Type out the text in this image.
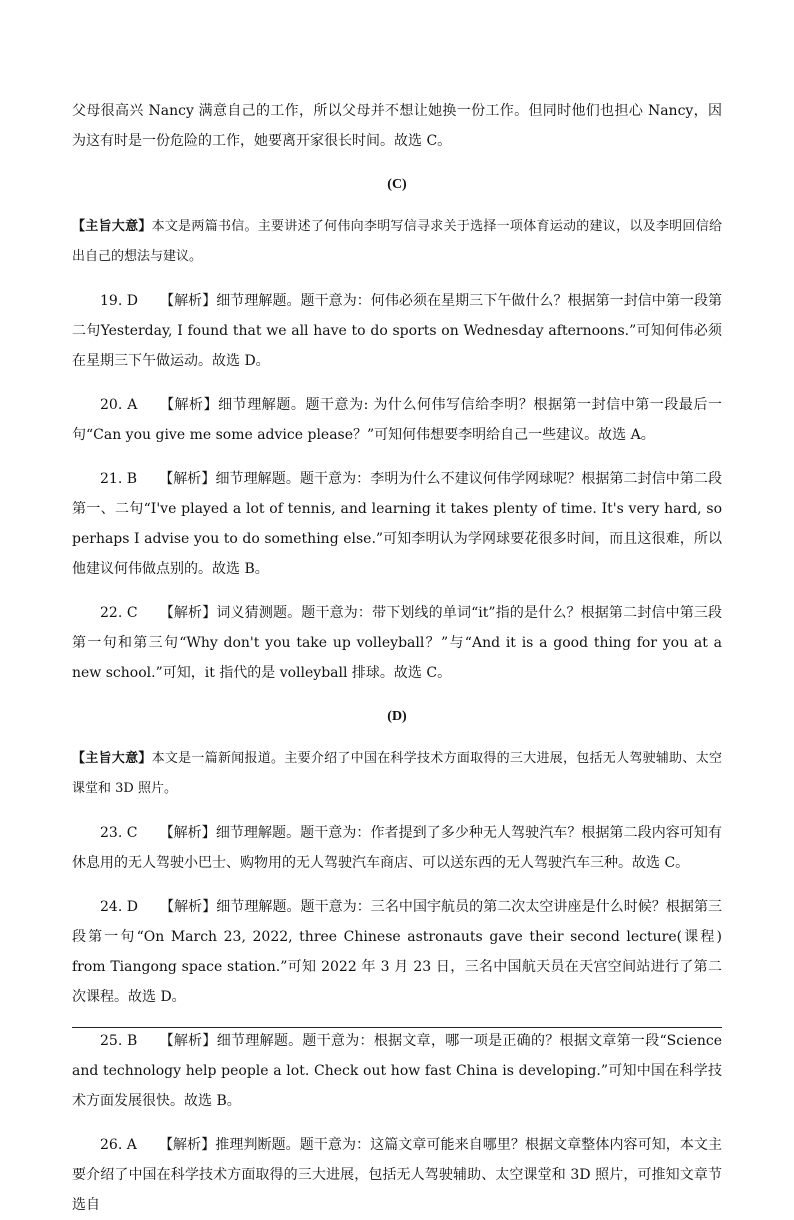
父母很高兴 Nancy 满意自己的工作，所以父母并不想让她换一份工作。但同时他们也担心 Nancy，因为这有时是一份危险的工作，她要离开家很长时间。故选 C。

(C)

【主旨大意】本文是两篇书信。主要讲述了何伟向李明写信寻求关于选择一项体育运动的建议，以及李明回信给出自己的想法与建议。

19. D 【解析】细节理解题。题干意为：何伟必须在星期三下午做什么？根据第一封信中第一段第二句Yesterday, I found that we all have to do sports on Wednesday afternoons.”可知何伟必须在星期三下午做运动。故选 D。

20. A 【解析】细节理解题。题干意为: 为什么何伟写信给李明？根据第一封信中第一段最后一句“Can you give me some advice please？”可知何伟想要李明给自己一些建议。故选 A。

21. B 【解析】细节理解题。题干意为：李明为什么不建议何伟学网球呢？根据第二封信中第二段第一、二句“I've played a lot of tennis, and learning it takes plenty of time. It's very hard, so perhaps I advise you to do something else.”可知李明认为学网球要花很多时间，而且这很难，所以他建议何伟做点别的。故选 B。

22. C 【解析】词义猜测题。题干意为：带下划线的单词“it”指的是什么？根据第二封信中第三段第一句和第三句“Why don't you take up volleyball？”与“And it is a good thing for you at a new school.”可知，it 指代的是 volleyball 排球。故选 C。

(D)

【主旨大意】本文是一篇新闻报道。主要介绍了中国在科学技术方面取得的三大进展，包括无人驾驶辅助、太空课堂和 3D 照片。

23. C 【解析】细节理解题。题干意为：作者提到了多少种无人驾驶汽车？根据第二段内容可知有休息用的无人驾驶小巴士、购物用的无人驾驶汽车商店、可以送东西的无人驾驶汽车三种。故选 C。

24. D 【解析】细节理解题。题干意为：三名中国宇航员的第二次太空讲座是什么时候？根据第三段第一句“On March 23, 2022, three Chinese astronauts gave their second lecture(课程) from Tiangong space station.”可知 2022 年 3 月 23 日，三名中国航天员在天宫空间站进行了第二次课程。故选 D。

25. B 【解析】细节理解题。题干意为：根据文章，哪一项是正确的？根据文章第一段“Science and technology help people a lot. Check out how fast China is developing.”可知中国在科学技术方面发展很快。故选 B。

26. A 【解析】推理判断题。题干意为：这篇文章可能来自哪里？根据文章整体内容可知，本文主要介绍了中国在科学技术方面取得的三大进展，包括无人驾驶辅助、太空课堂和 3D 照片，可推知文章节选自
